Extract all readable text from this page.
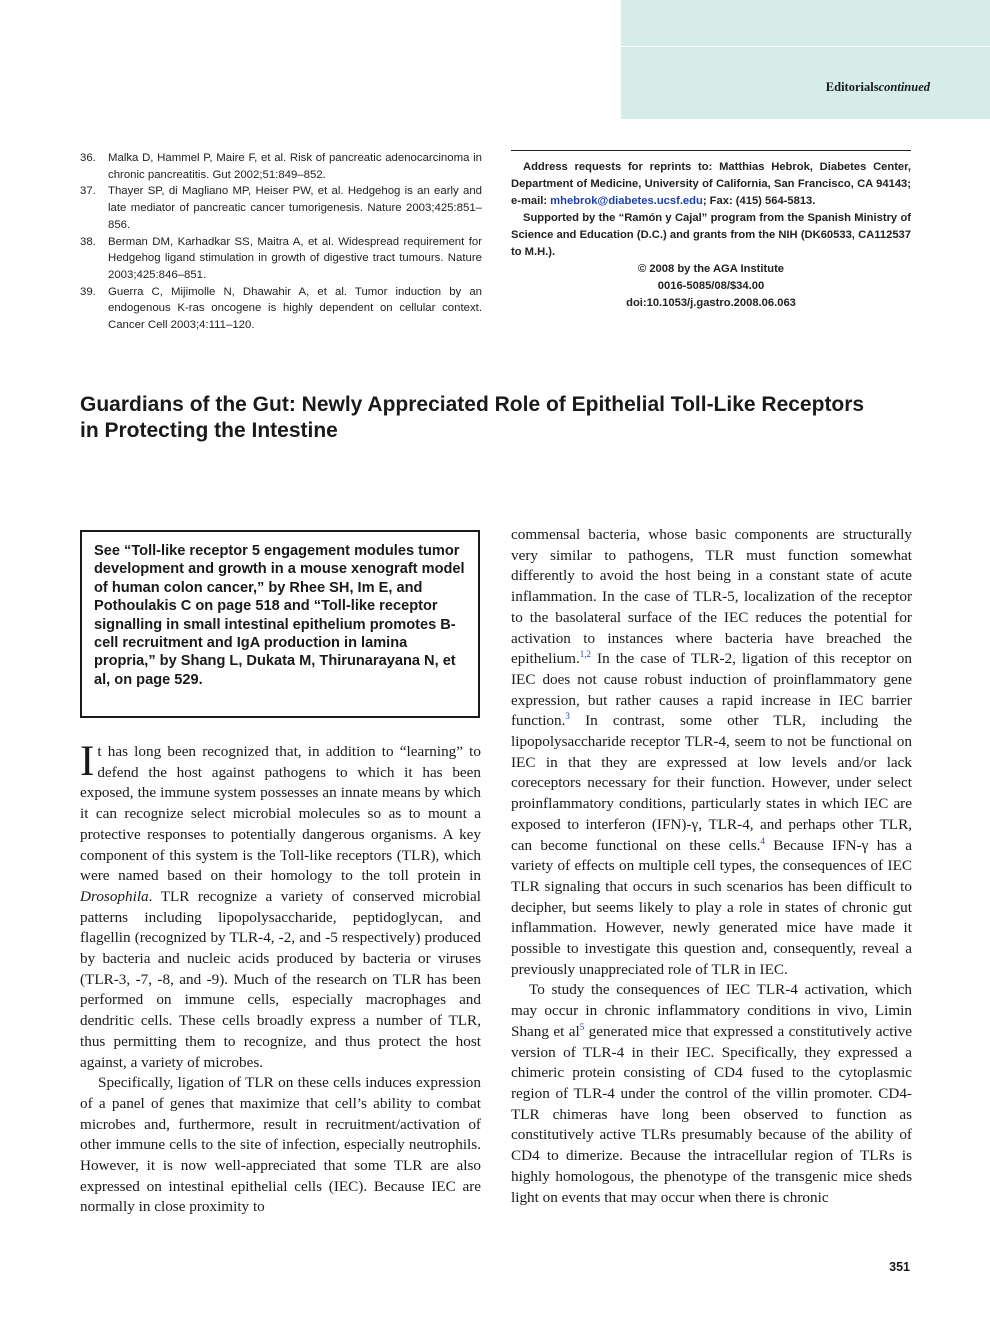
Editorialscontinued
36.	Malka D, Hammel P, Maire F, et al. Risk of pancreatic adenocarcinoma in chronic pancreatitis. Gut 2002;51:849–852.
37.	Thayer SP, di Magliano MP, Heiser PW, et al. Hedgehog is an early and late mediator of pancreatic cancer tumorigenesis. Nature 2003;425:851–856.
38.	Berman DM, Karhadkar SS, Maitra A, et al. Widespread requirement for Hedgehog ligand stimulation in growth of digestive tract tumours. Nature 2003;425:846–851.
39.	Guerra C, Mijimolle N, Dhawahir A, et al. Tumor induction by an endogenous K-ras oncogene is highly dependent on cellular context. Cancer Cell 2003;4:111–120.

Address requests for reprints to: Matthias Hebrok, Diabetes Center, Department of Medicine, University of California, San Francisco, CA 94143; e-mail: mhebrok@diabetes.ucsf.edu; Fax: (415) 564-5813.

Supported by the “Ramón y Cajal” program from the Spanish Ministry of Science and Education (D.C.) and grants from the NIH (DK60533, CA112537 to M.H.).

© 2008 by the AGA Institute

0016-5085/08/$34.00

doi:10.1053/j.gastro.2008.06.063

Guardians of the Gut: Newly Appreciated Role of Epithelial Toll-Like Receptors in Protecting the Intestine
See “Toll-like receptor 5 engagement modules tumor development and growth in a mouse xenograft model of human colon cancer,” by Rhee SH, Im E, and Pothoulakis C on page 518 and “Toll-like receptor signalling in small intestinal epithelium promotes B-cell recruitment and IgA production in lamina propria,” by Shang L, Dukata M, Thirunarayana N, et al, on page 529.

It has long been recognized that, in addition to “learning” to defend the host against pathogens to which it has been exposed, the immune system possesses an innate means by which it can recognize select microbial molecules so as to mount a protective responses to potentially dangerous organisms. A key component of this system is the Toll-like receptors (TLR), which were named based on their homology to the toll protein in Drosophila. TLR recognize a variety of conserved microbial patterns including lipopolysaccharide, peptidoglycan, and flagellin (recognized by TLR-4, -2, and -5 respectively) produced by bacteria and nucleic acids produced by bacteria or viruses (TLR-3, -7, -8, and -9). Much of the research on TLR has been performed on immune cells, especially macrophages and dendritic cells. These cells broadly express a number of TLR, thus permitting them to recognize, and thus protect the host against, a variety of microbes.

Specifically, ligation of TLR on these cells induces expression of a panel of genes that maximize that cell’s ability to combat microbes and, furthermore, result in recruitment/activation of other immune cells to the site of infection, especially neutrophils. However, it is now well-appreciated that some TLR are also expressed on intestinal epithelial cells (IEC). Because IEC are normally in close proximity to

commensal bacteria, whose basic components are structurally very similar to pathogens, TLR must function somewhat differently to avoid the host being in a constant state of acute inflammation. In the case of TLR-5, localization of the receptor to the basolateral surface of the IEC reduces the potential for activation to instances where bacteria have breached the epithelium.$^{1,2}$ In the case of TLR-2, ligation of this receptor on IEC does not cause robust induction of proinflammatory gene expression, but rather causes a rapid increase in IEC barrier function.$^3$ In contrast, some other TLR, including the lipopolysaccharide receptor TLR-4, seem to not be functional on IEC in that they are expressed at low levels and/or lack coreceptors necessary for their function. However, under select proinflammatory conditions, particularly states in which IEC are exposed to interferon (IFN)-γ, TLR-4, and perhaps other TLR, can become functional on these cells.$^4$ Because IFN-γ has a variety of effects on multiple cell types, the consequences of IEC TLR signaling that occurs in such scenarios has been difficult to decipher, but seems likely to play a role in states of chronic gut inflammation. However, newly generated mice have made it possible to investigate this question and, consequently, reveal a previously unappreciated role of TLR in IEC.

To study the consequences of IEC TLR-4 activation, which may occur in chronic inflammatory conditions in vivo, Limin Shang et $al^5$ generated mice that expressed a constitutively active version of TLR-4 in their IEC. Specifically, they expressed a chimeric protein consisting of CD4 fused to the cytoplasmic region of TLR-4 under the control of the villin promoter. CD4-TLR chimeras have long been observed to function as constitutively active TLRs presumably because of the ability of CD4 to dimerize. Because the intracellular region of TLRs is highly homologous, the phenotype of the transgenic mice sheds light on events that may occur when there is chronic

351
